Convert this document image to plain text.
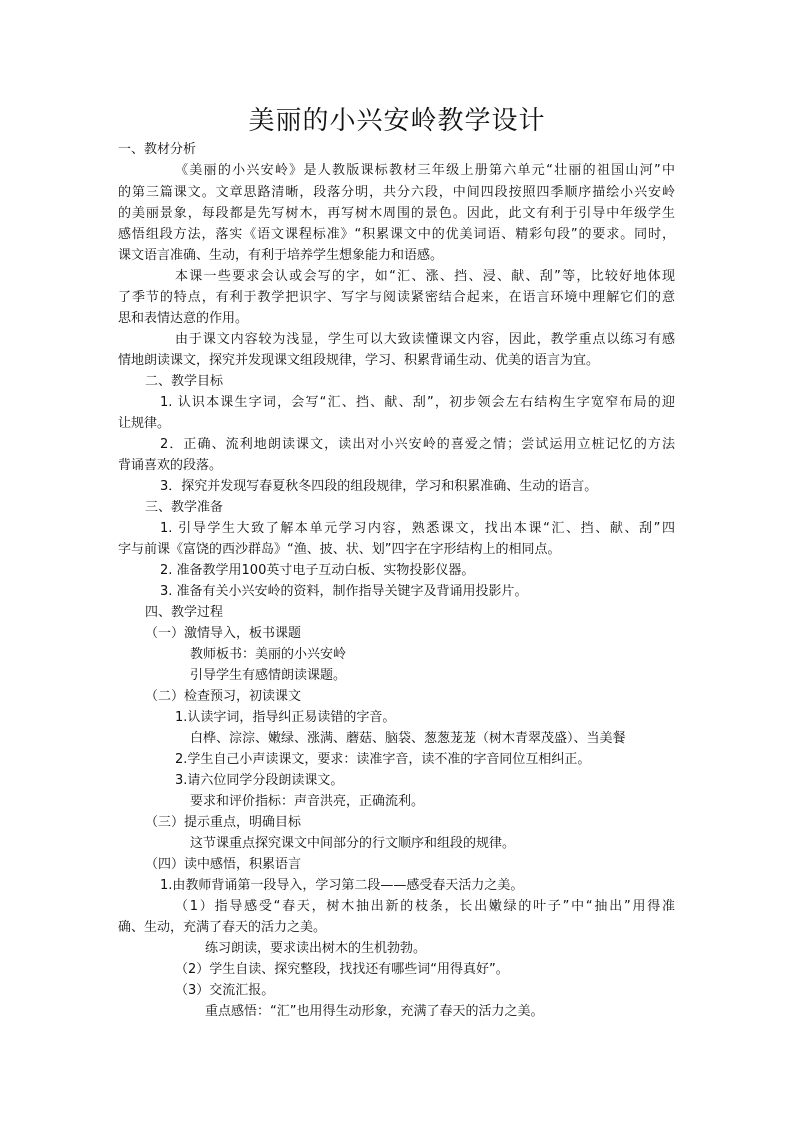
美丽的小兴安岭教学设计
一、教材分析
《美丽的小兴安岭》是人教版课标教材三年级上册第六单元“壮丽的祖国山河”中
的第三篇课文。文章思路清晰，段落分明，共分六段，中间四段按照四季顺序描绘小兴安岭
的美丽景象，每段都是先写树木，再写树木周围的景色。因此，此文有利于引导中年级学生
感悟组段方法，落实《语文课程标准》“积累课文中的优美词语、精彩句段”的要求。同时，
课文语言准确、生动，有利于培养学生想象能力和语感。
本课一些要求会认或会写的字，如“汇、涨、挡、浸、献、刮”等，比较好地体现
了季节的特点，有利于教学把识字、写字与阅读紧密结合起来，在语言环境中理解它们的意
思和表情达意的作用。
由于课文内容较为浅显，学生可以大致读懂课文内容，因此，教学重点以练习有感
情地朗读课文，探究并发现课文组段规律，学习、积累背诵生动、优美的语言为宜。
二、教学目标
1. 认识本课生字词，会写“汇、挡、献、刮”，初步领会左右结构生字宽窄布局的迎
让规律。
2．正确、流利地朗读课文，读出对小兴安岭的喜爱之情；尝试运用立桩记忆的方法
背诵喜欢的段落。
3．探究并发现写春夏秋冬四段的组段规律，学习和积累准确、生动的语言。
三、教学准备
1. 引导学生大致了解本单元学习内容，熟悉课文，找出本课“汇、挡、献、刮”四
字与前课《富饶的西沙群岛》“渔、披、状、划”四字在字形结构上的相同点。
2. 准备教学用100英寸电子互动白板、实物投影仪器。
3. 准备有关小兴安岭的资料，制作指导关键字及背诵用投影片。
四、教学过程
（一）激情导入，板书课题
教师板书：美丽的小兴安岭
引导学生有感情朗读课题。
（二）检查预习，初读课文
1.认读字词，指导纠正易读错的字音。
白桦、淙淙、嫩绿、涨满、蘑菇、脑袋、葱葱茏茏（树木青翠茂盛）、当美餐
2.学生自己小声读课文，要求：读准字音，读不准的字音同位互相纠正。
3.请六位同学分段朗读课文。
要求和评价指标：声音洪亮，正确流利。
（三）提示重点，明确目标
这节课重点探究课文中间部分的行文顺序和组段的规律。
（四）读中感悟，积累语言
1.由教师背诵第一段导入，学习第二段——感受春天活力之美。
（1）指导感受“春天，树木抽出新的枝条，长出嫩绿的叶子”中“抽出”用得准
确、生动，充满了春天的活力之美。
练习朗读，要求读出树木的生机勃勃。
（2）学生自读、探究整段，找找还有哪些词“用得真好”。
（3）交流汇报。
重点感悟：“汇”也用得生动形象，充满了春天的活力之美。
